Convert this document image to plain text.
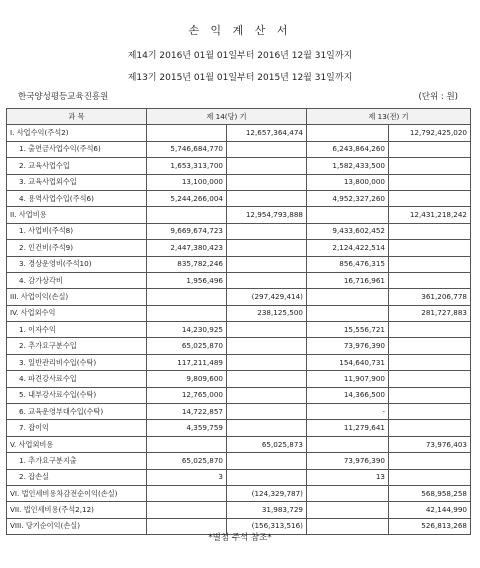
손 익 계 산 서
제14기 2016년 01월 01일부터 2016년 12월 31일까지
제13기 2015년 01월 01일부터 2015년 12월 31일까지
한국양성평등교육진흥원	(단위 : 원)
과 목	제 14(당) 기		제 13(전) 기	
I. 사업수익(주석2)		12,657,364,474		12,792,425,020
1. 출연금사업수익(주석6)	5,746,684,770		6,243,864,260	
2. 교육사업수입	1,653,313,700		1,582,433,500	
3. 교육사업외수입	13,100,000		13,800,000	
4. 용역사업수입(주석6)	5,244,266,004		4,952,327,260	
II. 사업비용		12,954,793,888		12,431,218,242
1. 사업비(주석8)	9,669,674,723		9,433,602,452	
2. 인건비(주석9)	2,447,380,423		2,124,422,514	
3. 경상운영비(주석10)	835,782,246		856,476,315	
4. 감가상각비	1,956,496		16,716,961	
III. 사업이익(손실)		(297,429,414)		361,206,778
IV. 사업외수익		238,125,500		281,727,883
1. 이자수익	14,230,925		15,556,721	
2. 추가요구분수입	65,025,870		73,976,390	
3. 일반관리비수입(수탁)	117,211,489		154,640,731	
4. 파견강사료수입	9,809,600		11,907,900	
5. 내부강사료수입(수탁)	12,765,000		14,366,500	
6. 교육운영부대수입(수탁)	14,722,857		-	
7. 잡이익	4,359,759		11,279,641	
V. 사업외비용		65,025,873		73,976,403
1. 추가요구분지출	65,025,870		73,976,390	
2. 잡손실	3		13	
VI. 법인세비용차감전순이익(손실)		(124,329,787)		568,958,258
VII. 법인세비용(주석2,12)		31,983,729		42,144,990
VIII. 당기순이익(손실)		(156,313,516)		526,813,268
*별첨 주석 참조*
